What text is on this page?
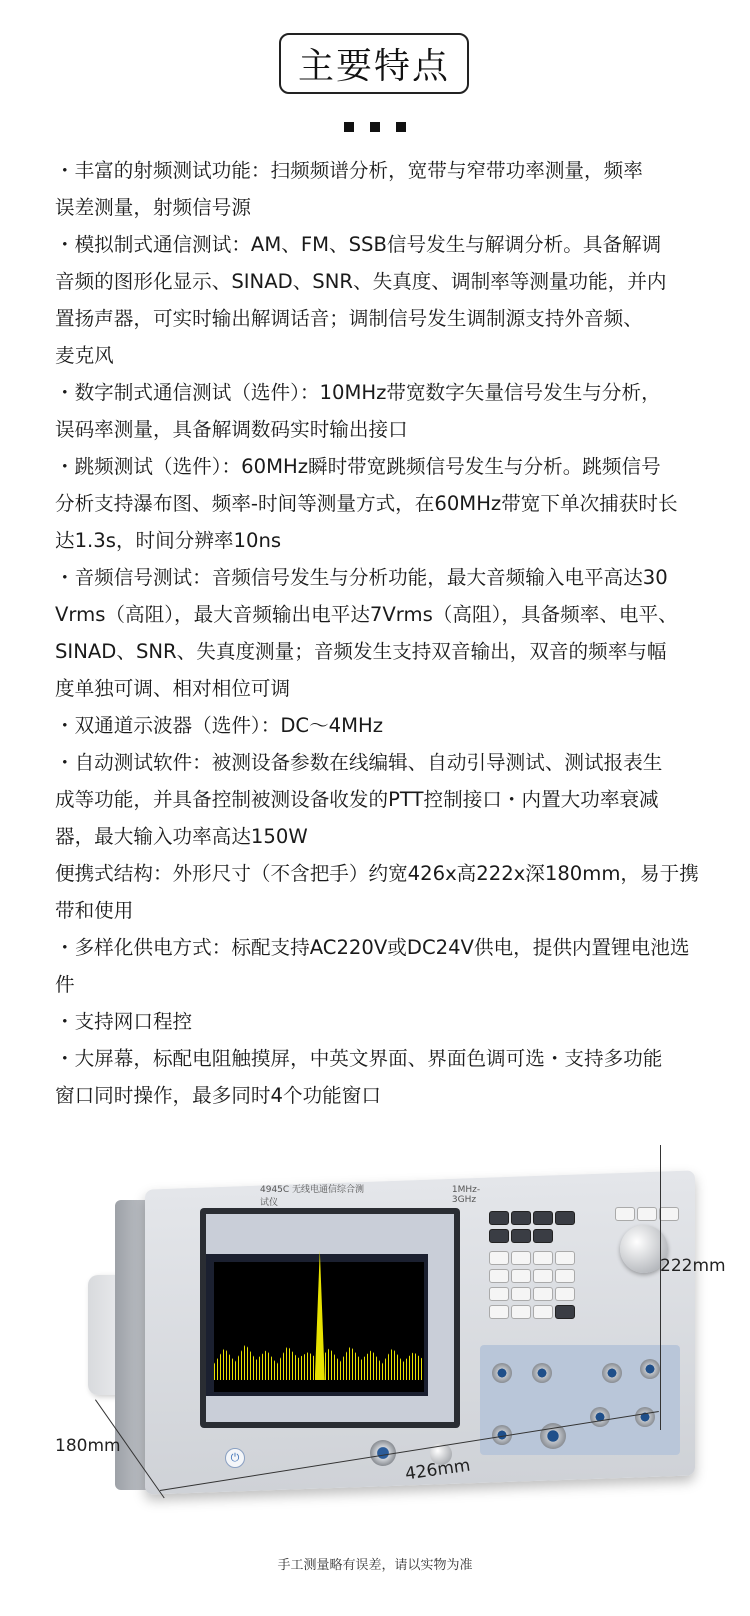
主要特点

・丰富的射频测试功能：扫频频谱分析，宽带与窄带功率测量，频率
误差测量，射频信号源

・模拟制式通信测试：AM、FM、SSB信号发生与解调分析。具备解调
音频的图形化显示、SINAD、SNR、失真度、调制率等测量功能，并内
置扬声器，可实时输出解调话音；调制信号发生调制源支持外音频、
麦克风

・数字制式通信测试（选件）：10MHz带宽数字矢量信号发生与分析，
误码率测量，具备解调数码实时输出接口

・跳频测试（选件）：60MHz瞬时带宽跳频信号发生与分析。跳频信号
分析支持瀑布图、频率-时间等测量方式，在60MHz带宽下单次捕获时长
达1.3s，时间分辨率10ns

・音频信号测试：音频信号发生与分析功能，最大音频输入电平高达30
Vrms（高阻），最大音频输出电平达7Vrms（高阻），具备频率、电平、
SINAD、SNR、失真度测量；音频发生支持双音输出，双音的频率与幅
度单独可调、相对相位可调

・双通道示波器（选件）：DC～4MHz

・自动测试软件：被测设备参数在线编辑、自动引导测试、测试报表生
成等功能，并具备控制被测设备收发的PTT控制接口・内置大功率衰减
器，最大输入功率高达150W

便携式结构：外形尺寸（不含把手）约宽426x高222x深180mm，易于携
带和使用

・多样化供电方式：标配支持AC220V或DC24V供电，提供内置锂电池选
件

・支持网口程控

・大屏幕，标配电阻触摸屏，中英文界面、界面色调可选・支持多功能
窗口同时操作，最多同时4个功能窗口

4945C 无线电通信综合测试仪
1MHz-3GHz
⏻
222mm
180mm
426mm
手工测量略有误差，请以实物为准
